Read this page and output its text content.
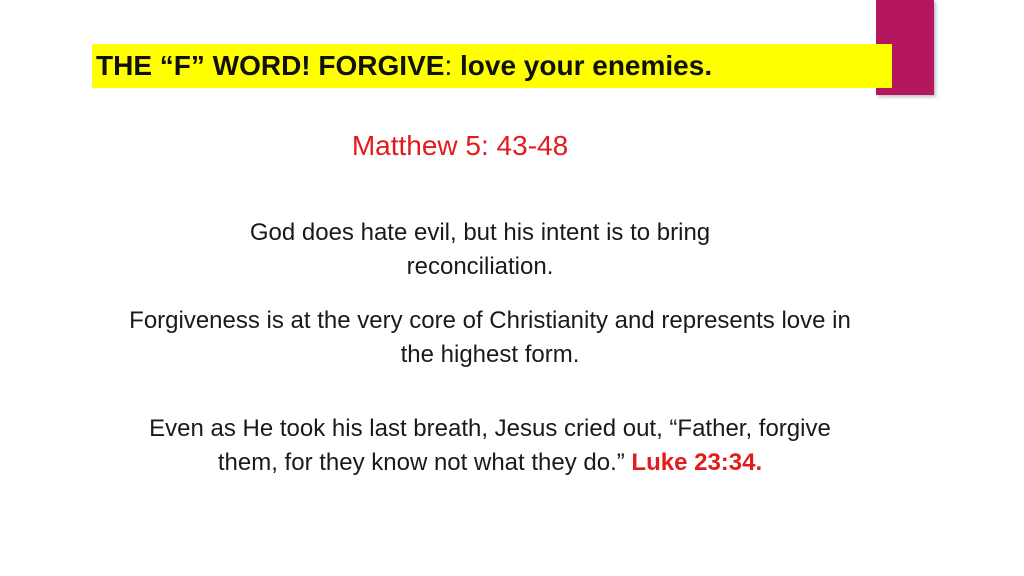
THE “F” WORD! FORGIVE: love your enemies.
Matthew 5: 43-48
God does hate evil, but his intent is to bring reconciliation.
Forgiveness is at the very core of Christianity and represents love in the highest form.
Even as He took his last breath, Jesus cried out, “Father, forgive them, for they know not what they do.” Luke 23:34.
